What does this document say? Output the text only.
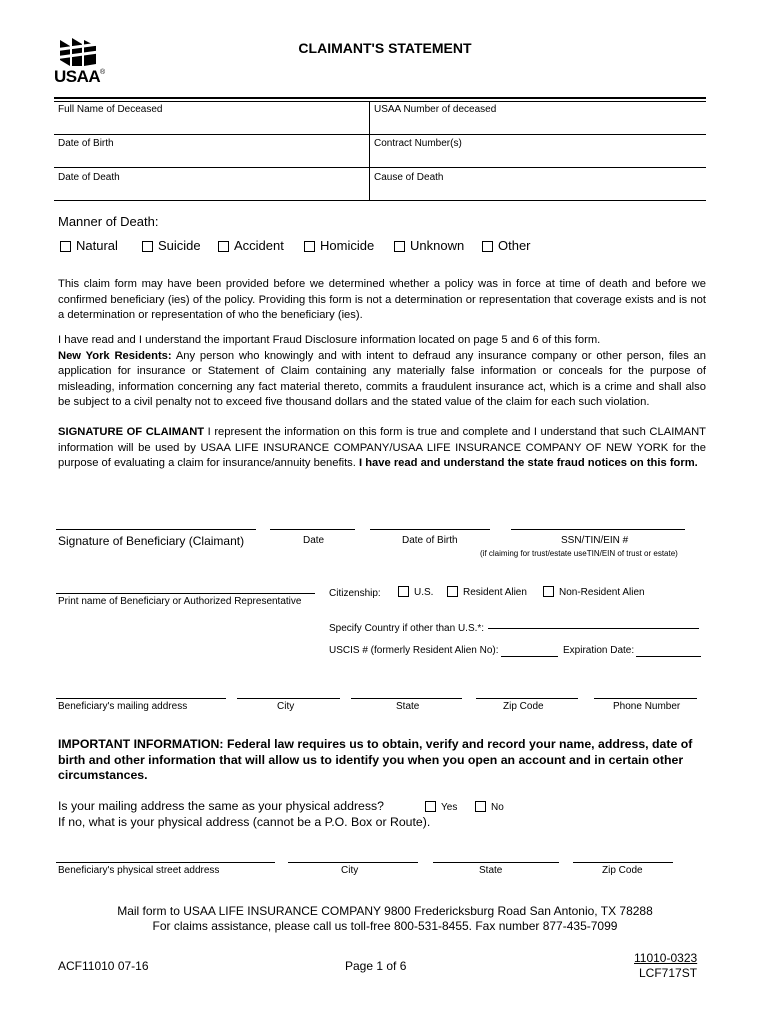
USAA ®
CLAIMANT'S STATEMENT
Full Name of Deceased	USAA Number of deceased
Date of Birth	Contract Number(s)
Date of Death	Cause of Death
Manner of Death:
Natural	Suicide	Accident	Homicide	Unknown	Other
This claim form may have been provided before we determined whether a policy was in force at time of death and before we confirmed beneficiary (ies) of the policy. Providing this form is not a determination or representation that coverage exists and is not a determination or representation of who the beneficiary (ies).
I have read and I understand the important Fraud Disclosure information located on page 5 and 6 of this form.
New York Residents: Any person who knowingly and with intent to defraud any insurance company or other person, files an application for insurance or Statement of Claim containing any materially false information or conceals for the purpose of misleading, information concerning any fact material thereto, commits a fraudulent insurance act, which is a crime and shall also be subject to a civil penalty not to exceed five thousand dollars and the stated value of the claim for each such violation.
SIGNATURE OF CLAIMANT I represent the information on this form is true and complete and I understand that such CLAIMANT information will be used by USAA LIFE INSURANCE COMPANY/USAA LIFE INSURANCE COMPANY OF NEW YORK for the purpose of evaluating a claim for insurance/annuity benefits. I have read and understand the state fraud notices on this form.
Signature of Beneficiary (Claimant)	Date	Date of Birth	SSN/TIN/EIN #
(if claiming for trust/estate useTIN/EIN of trust or estate)
Print name of Beneficiary or Authorized Representative
Citizenship:	U.S.	Resident Alien	Non-Resident Alien
Specify Country if other than U.S.*:
USCIS # (formerly Resident Alien No):	Expiration Date:
Beneficiary's mailing address	City	State	Zip Code	Phone Number
IMPORTANT INFORMATION: Federal law requires us to obtain, verify and record your name, address, date of birth and other information that will allow us to identify you when you open an account and in certain other circumstances.
Is your mailing address the same as your physical address?	Yes	No
If no, what is your physical address (cannot be a P.O. Box or Route).
Beneficiary's physical street address	City	State	Zip Code
Mail form to USAA LIFE INSURANCE COMPANY 9800 Fredericksburg Road San Antonio, TX 78288
For claims assistance, please call us toll-free 800-531-8455. Fax number 877-435-7099
ACF11010 07-16	Page 1 of 6
11010-0323
LCF717ST
